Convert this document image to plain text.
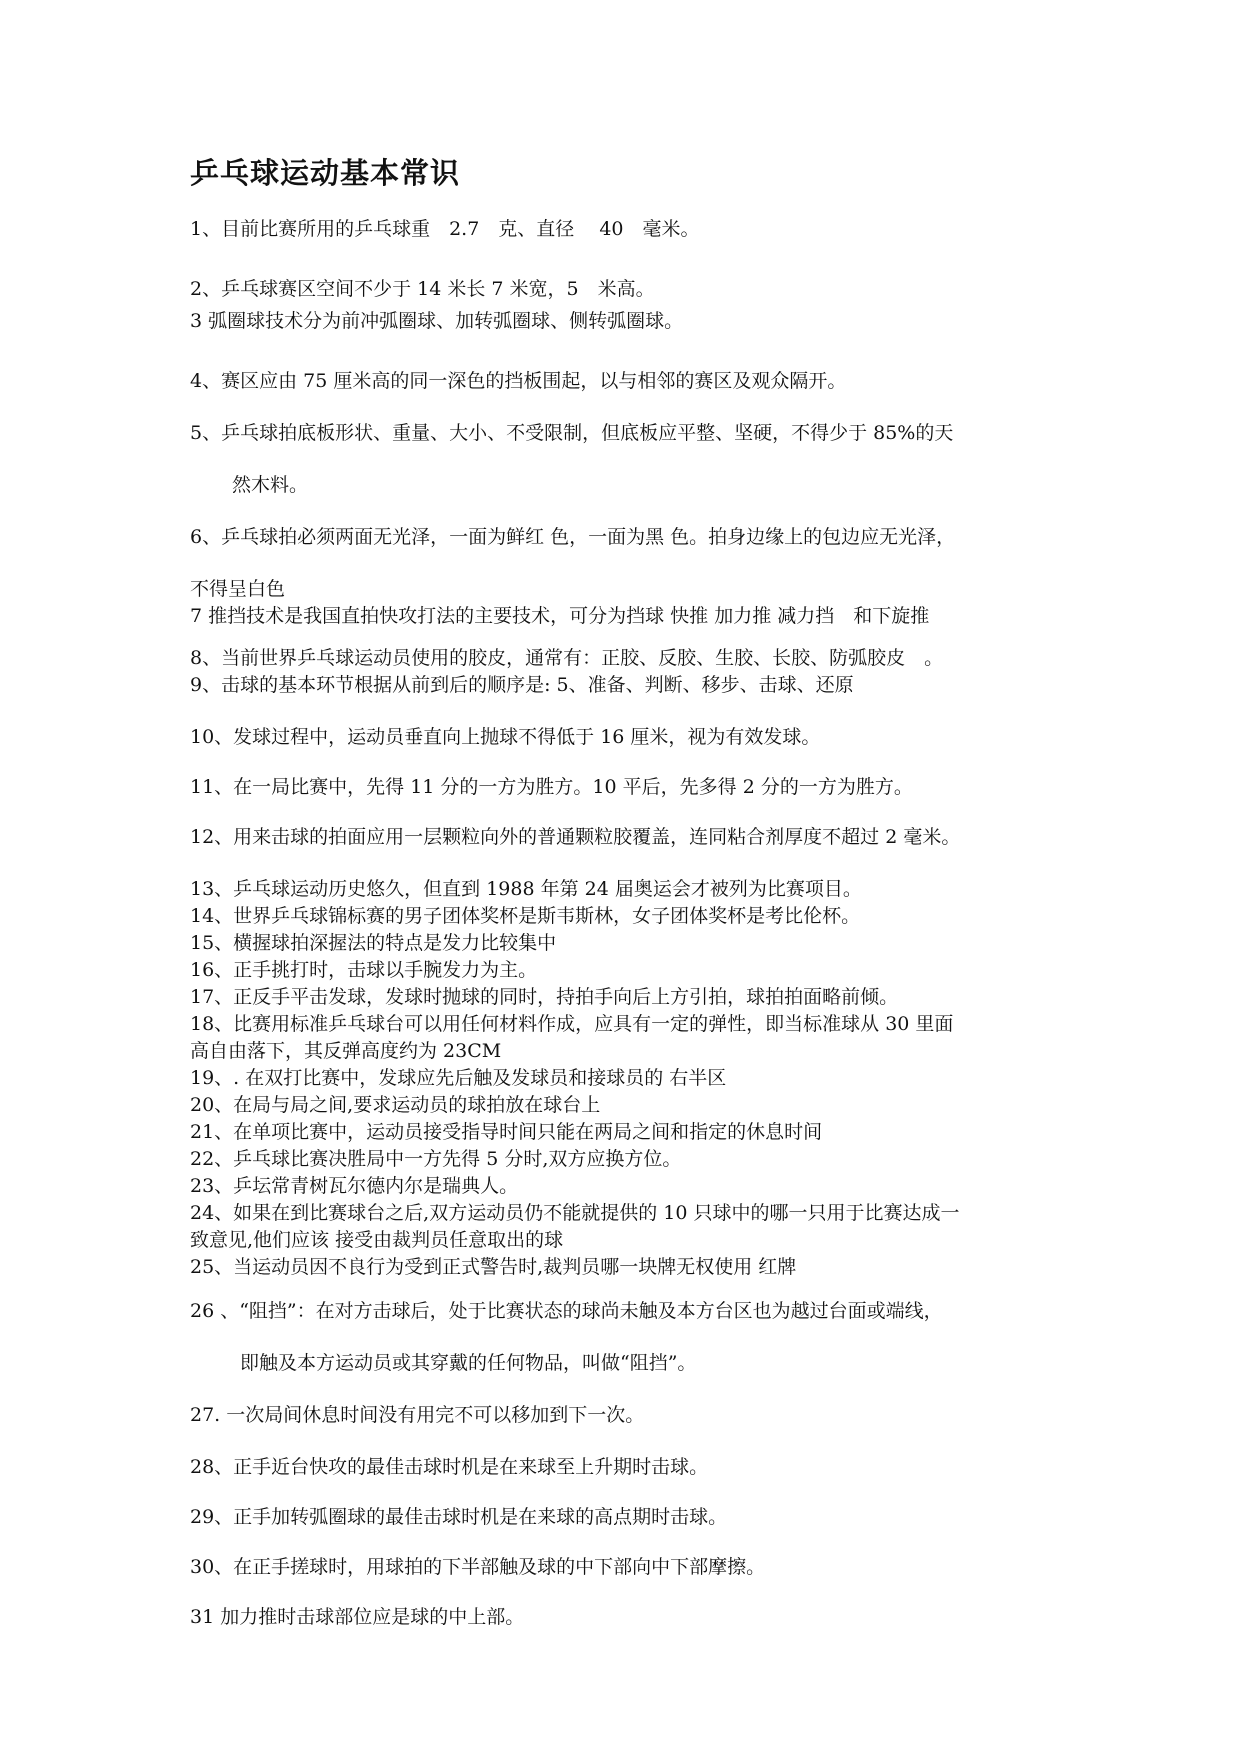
乒乓球运动基本常识
1、目前比赛所用的乒乓球重　2.7　克、直径　 40　毫米。
2、乒乓球赛区空间不少于 14 米长 7 米宽，5　米高。
3 弧圈球技术分为前冲弧圈球、加转弧圈球、侧转弧圈球。
4、赛区应由 75 厘米高的同一深色的挡板围起，以与相邻的赛区及观众隔开。
5、乒乓球拍底板形状、重量、大小、不受限制，但底板应平整、坚硬，不得少于 85%的天
然木料。
6、乒乓球拍必须两面无光泽，一面为鲜红 色，一面为黑 色。拍身边缘上的包边应无光泽，
不得呈白色
7 推挡技术是我国直拍快攻打法的主要技术，可分为挡球 快推 加力推 减力挡　和下旋推
8、当前世界乒乓球运动员使用的胶皮，通常有：正胶、反胶、生胶、长胶、防弧胶皮　。
9、击球的基本环节根据从前到后的顺序是: 5、准备、判断、移步、击球、还原
10、发球过程中，运动员垂直向上抛球不得低于 16 厘米，视为有效发球。
11、在一局比赛中，先得 11 分的一方为胜方。10 平后，先多得 2 分的一方为胜方。
12、用来击球的拍面应用一层颗粒向外的普通颗粒胶覆盖，连同粘合剂厚度不超过 2 毫米。
13、乒乓球运动历史悠久，但直到 1988 年第 24 届奥运会才被列为比赛项目。
14、世界乒乓球锦标赛的男子团体奖杯是斯韦斯林，女子团体奖杯是考比伦杯。
15、横握球拍深握法的特点是发力比较集中
16、正手挑打时，击球以手腕发力为主。
17、正反手平击发球，发球时抛球的同时，持拍手向后上方引拍，球拍拍面略前倾。
18、比赛用标准乒乓球台可以用任何材料作成，应具有一定的弹性，即当标准球从 30 里面
高自由落下，其反弹高度约为 23CM
19、. 在双打比赛中，发球应先后触及发球员和接球员的 右半区
20、在局与局之间,要求运动员的球拍放在球台上
21、在单项比赛中，运动员接受指导时间只能在两局之间和指定的休息时间
22、乒乓球比赛决胜局中一方先得 5 分时,双方应换方位。
23、乒坛常青树瓦尔德内尔是瑞典人。
24、如果在到比赛球台之后,双方运动员仍不能就提供的 10 只球中的哪一只用于比赛达成一
致意见,他们应该 接受由裁判员任意取出的球
25、当运动员因不良行为受到正式警告时,裁判员哪一块牌无权使用 红牌
26 、“阻挡”：在对方击球后，处于比赛状态的球尚未触及本方台区也为越过台面或端线，
即触及本方运动员或其穿戴的任何物品，叫做“阻挡”。
27. 一次局间休息时间没有用完不可以移加到下一次。
28、正手近台快攻的最佳击球时机是在来球至上升期时击球。
29、正手加转弧圈球的最佳击球时机是在来球的高点期时击球。
30、在正手搓球时，用球拍的下半部触及球的中下部向中下部摩擦。
31 加力推时击球部位应是球的中上部。
